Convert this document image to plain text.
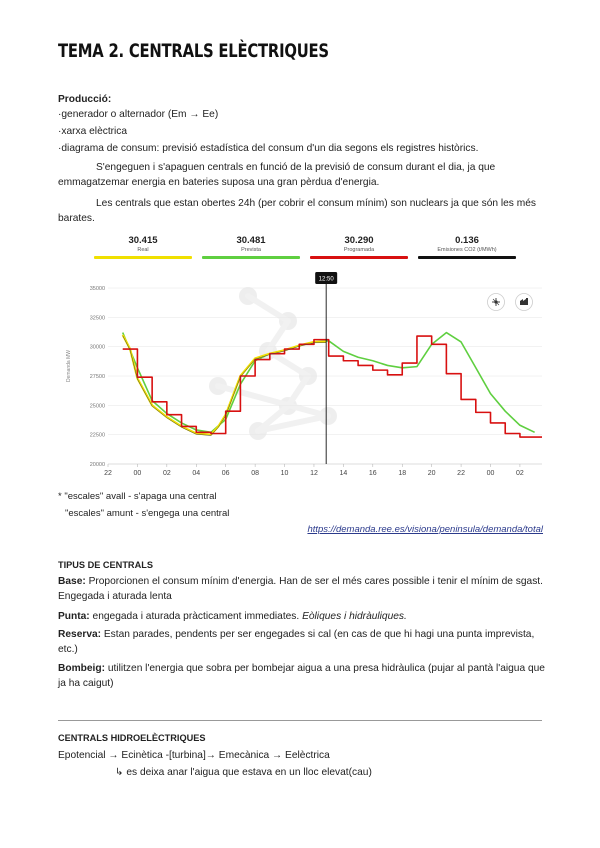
TEMA 2. CENTRALS ELÈCTRIQUES
Producció:
·generador o alternador (Em → Ee)
·xarxa elèctrica
·diagrama de consum: previsió estadística del consum d'un dia segons els registres històrics.
S'engeguen i s'apaguen centrals en funció de la previsió de consum durant el dia, ja que emmagatzemar energia en bateries suposa una gran pèrdua d'energia.
Les centrals que estan obertes 24h (per cobrir el consum mínim) son nuclears ja que són les més barates.
30.415
Real
30.481
Prevista
30.290
Programada
0.136
Emisiones CO2 (t/MWh)
35000
32500
30000
27500
25000
22500
20000
22	00	02	04	06	08	10	12	14	16	18	20	22	00	02
12:50
Demanda MW
* "escales" avall - s'apaga una central
"escales" amunt - s'engega una central
https://demanda.ree.es/visiona/peninsula/demanda/total
TIPUS DE CENTRALS
Base: Proporcionen el consum mínim d'energia. Han de ser el més cares possible i tenir el mínim de sgast. Engegada i aturada lenta
Punta: engegada i aturada pràcticament immediates. Eòliques i hidràuliques.
Reserva: Estan parades, pendents per ser engegades si cal (en cas de que hi hagi una punta imprevista, etc.)
Bombeig: utilitzen l'energia que sobra per bombejar aigua a una presa hidràulica (pujar al pantà l'aigua que ja ha caigut)
CENTRALS HIDROELÈCTRIQUES
Epotencial → Ecinètica -[turbina]→ Emecànica → Eelèctrica
↳ es deixa anar l'aigua que estava en un lloc elevat(cau)
